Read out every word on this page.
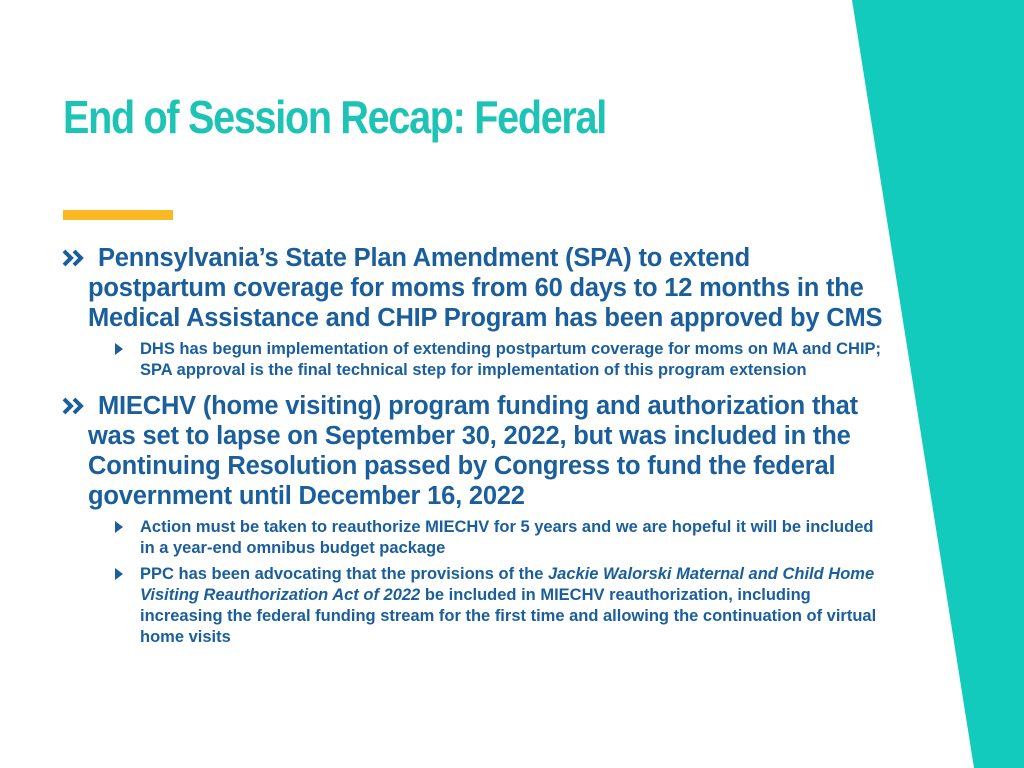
End of Session Recap: Federal
Pennsylvania’s State Plan Amendment (SPA) to extend postpartum coverage for moms from 60 days to 12 months in the Medical Assistance and CHIP Program has been approved by CMS
DHS has begun implementation of extending postpartum coverage for moms on MA and CHIP; SPA approval is the final technical step for implementation of this program extension
MIECHV (home visiting) program funding and authorization that was set to lapse on September 30, 2022, but was included in the Continuing Resolution passed by Congress to fund the federal government until December 16, 2022
Action must be taken to reauthorize MIECHV for 5 years and we are hopeful it will be included in a year-end omnibus budget package
PPC has been advocating that the provisions of the Jackie Walorski Maternal and Child Home Visiting Reauthorization Act of 2022 be included in MIECHV reauthorization, including increasing the federal funding stream for the first time and allowing the continuation of virtual home visits
